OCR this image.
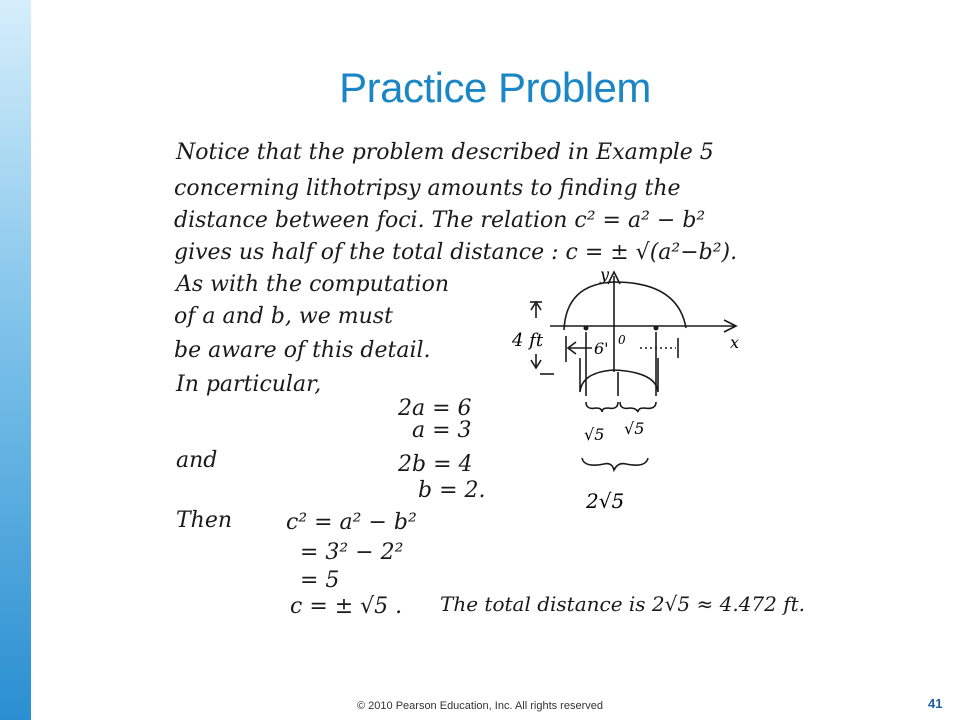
Practice Problem
Notice that the problem described in Example 5
concerning lithotripsy amounts to finding the
distance between foci. The relation c² = a² − b²
gives us half of the total distance : c = ± √(a²−b²).
As with the computation
of a and b, we must
be aware of this detail.
In particular,
2a = 6
a = 3
and	2b = 4
b = 2.
Then c² = a² − b²
= 3² − 2²
= 5
c = ± √5 . The total distance is 2√5 ≈ 4.472 ft.
y
x
0
4 ft	6'
√5 √5
2√5
© 2010 Pearson Education, Inc. All rights reserved	41
